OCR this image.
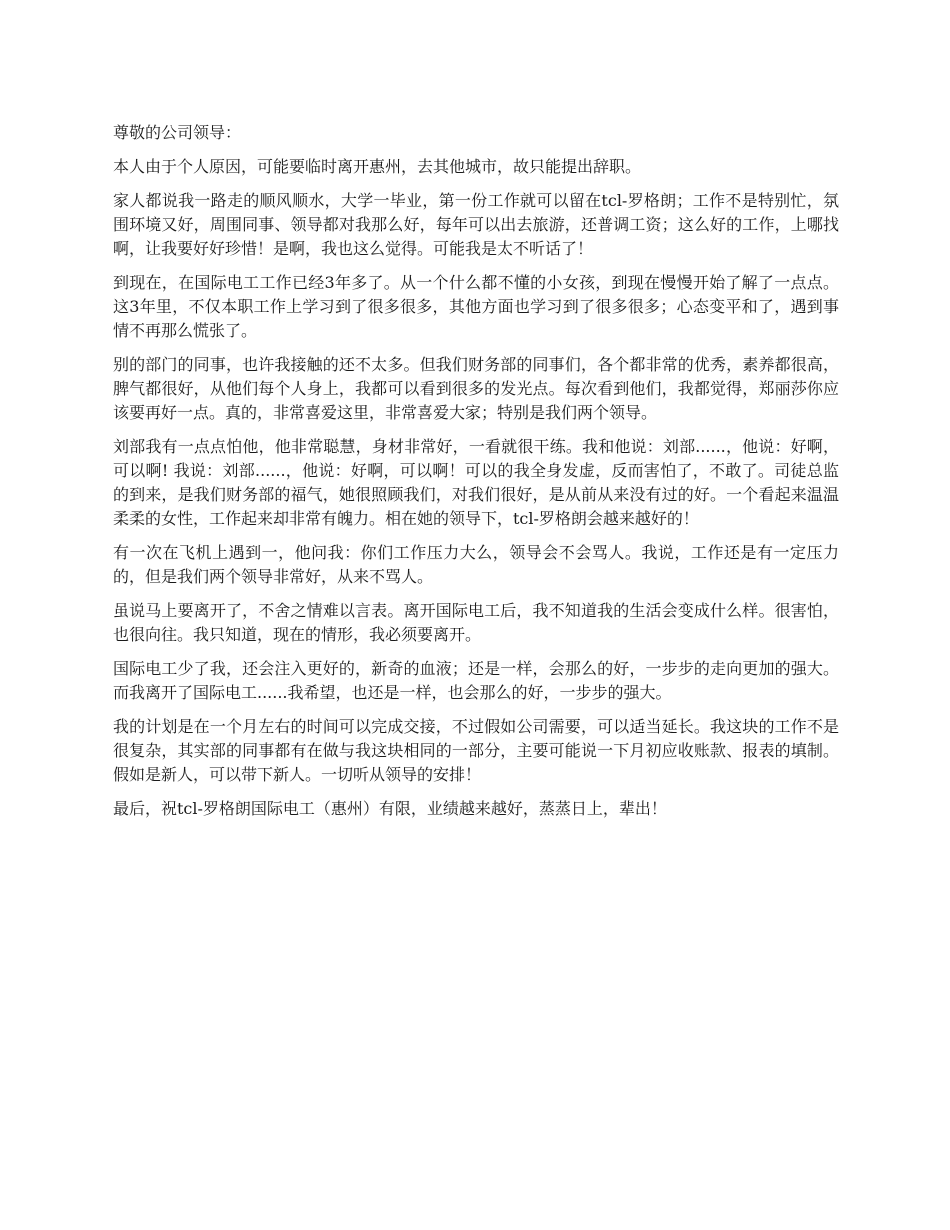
尊敬的公司领导：

本人由于个人原因，可能要临时离开惠州，去其他城市，故只能提出辞职。

家人都说我一路走的顺风顺水，大学一毕业，第一份工作就可以留在tcl-罗格朗；工作不是特别忙，氛围环境又好，周围同事、领导都对我那么好，每年可以出去旅游，还普调工资；这么好的工作，上哪找啊，让我要好好珍惜！是啊，我也这么觉得。可能我是太不听话了！

到现在，在国际电工工作已经3年多了。从一个什么都不懂的小女孩，到现在慢慢开始了解了一点点。这3年里，不仅本职工作上学习到了很多很多，其他方面也学习到了很多很多；心态变平和了，遇到事情不再那么慌张了。

别的部门的同事，也许我接触的还不太多。但我们财务部的同事们，各个都非常的优秀，素养都很高，脾气都很好，从他们每个人身上，我都可以看到很多的发光点。每次看到他们，我都觉得，郑丽莎你应该要再好一点。真的，非常喜爱这里，非常喜爱大家；特别是我们两个领导。

刘部我有一点点怕他，他非常聪慧，身材非常好，一看就很干练。我和他说：刘部......，他说：好啊，可以啊! 我说：刘部......，他说：好啊，可以啊！可以的我全身发虚，反而害怕了，不敢了。司徒总监的到来，是我们财务部的福气，她很照顾我们，对我们很好，是从前从来没有过的好。一个看起来温温柔柔的女性，工作起来却非常有魄力。相在她的领导下，tcl-罗格朗会越来越好的！

有一次在飞机上遇到一，他问我：你们工作压力大么，领导会不会骂人。我说，工作还是有一定压力的，但是我们两个领导非常好，从来不骂人。

虽说马上要离开了，不舍之情难以言表。离开国际电工后，我不知道我的生活会变成什么样。很害怕，也很向往。我只知道，现在的情形，我必须要离开。

国际电工少了我，还会注入更好的，新奇的血液；还是一样，会那么的好，一步步的走向更加的强大。而我离开了国际电工......我希望，也还是一样，也会那么的好，一步步的强大。

我的计划是在一个月左右的时间可以完成交接，不过假如公司需要，可以适当延长。我这块的工作不是很复杂，其实部的同事都有在做与我这块相同的一部分，主要可能说一下月初应收账款、报表的填制。假如是新人，可以带下新人。一切听从领导的安排！

最后，祝tcl-罗格朗国际电工（惠州）有限，业绩越来越好，蒸蒸日上，辈出！
